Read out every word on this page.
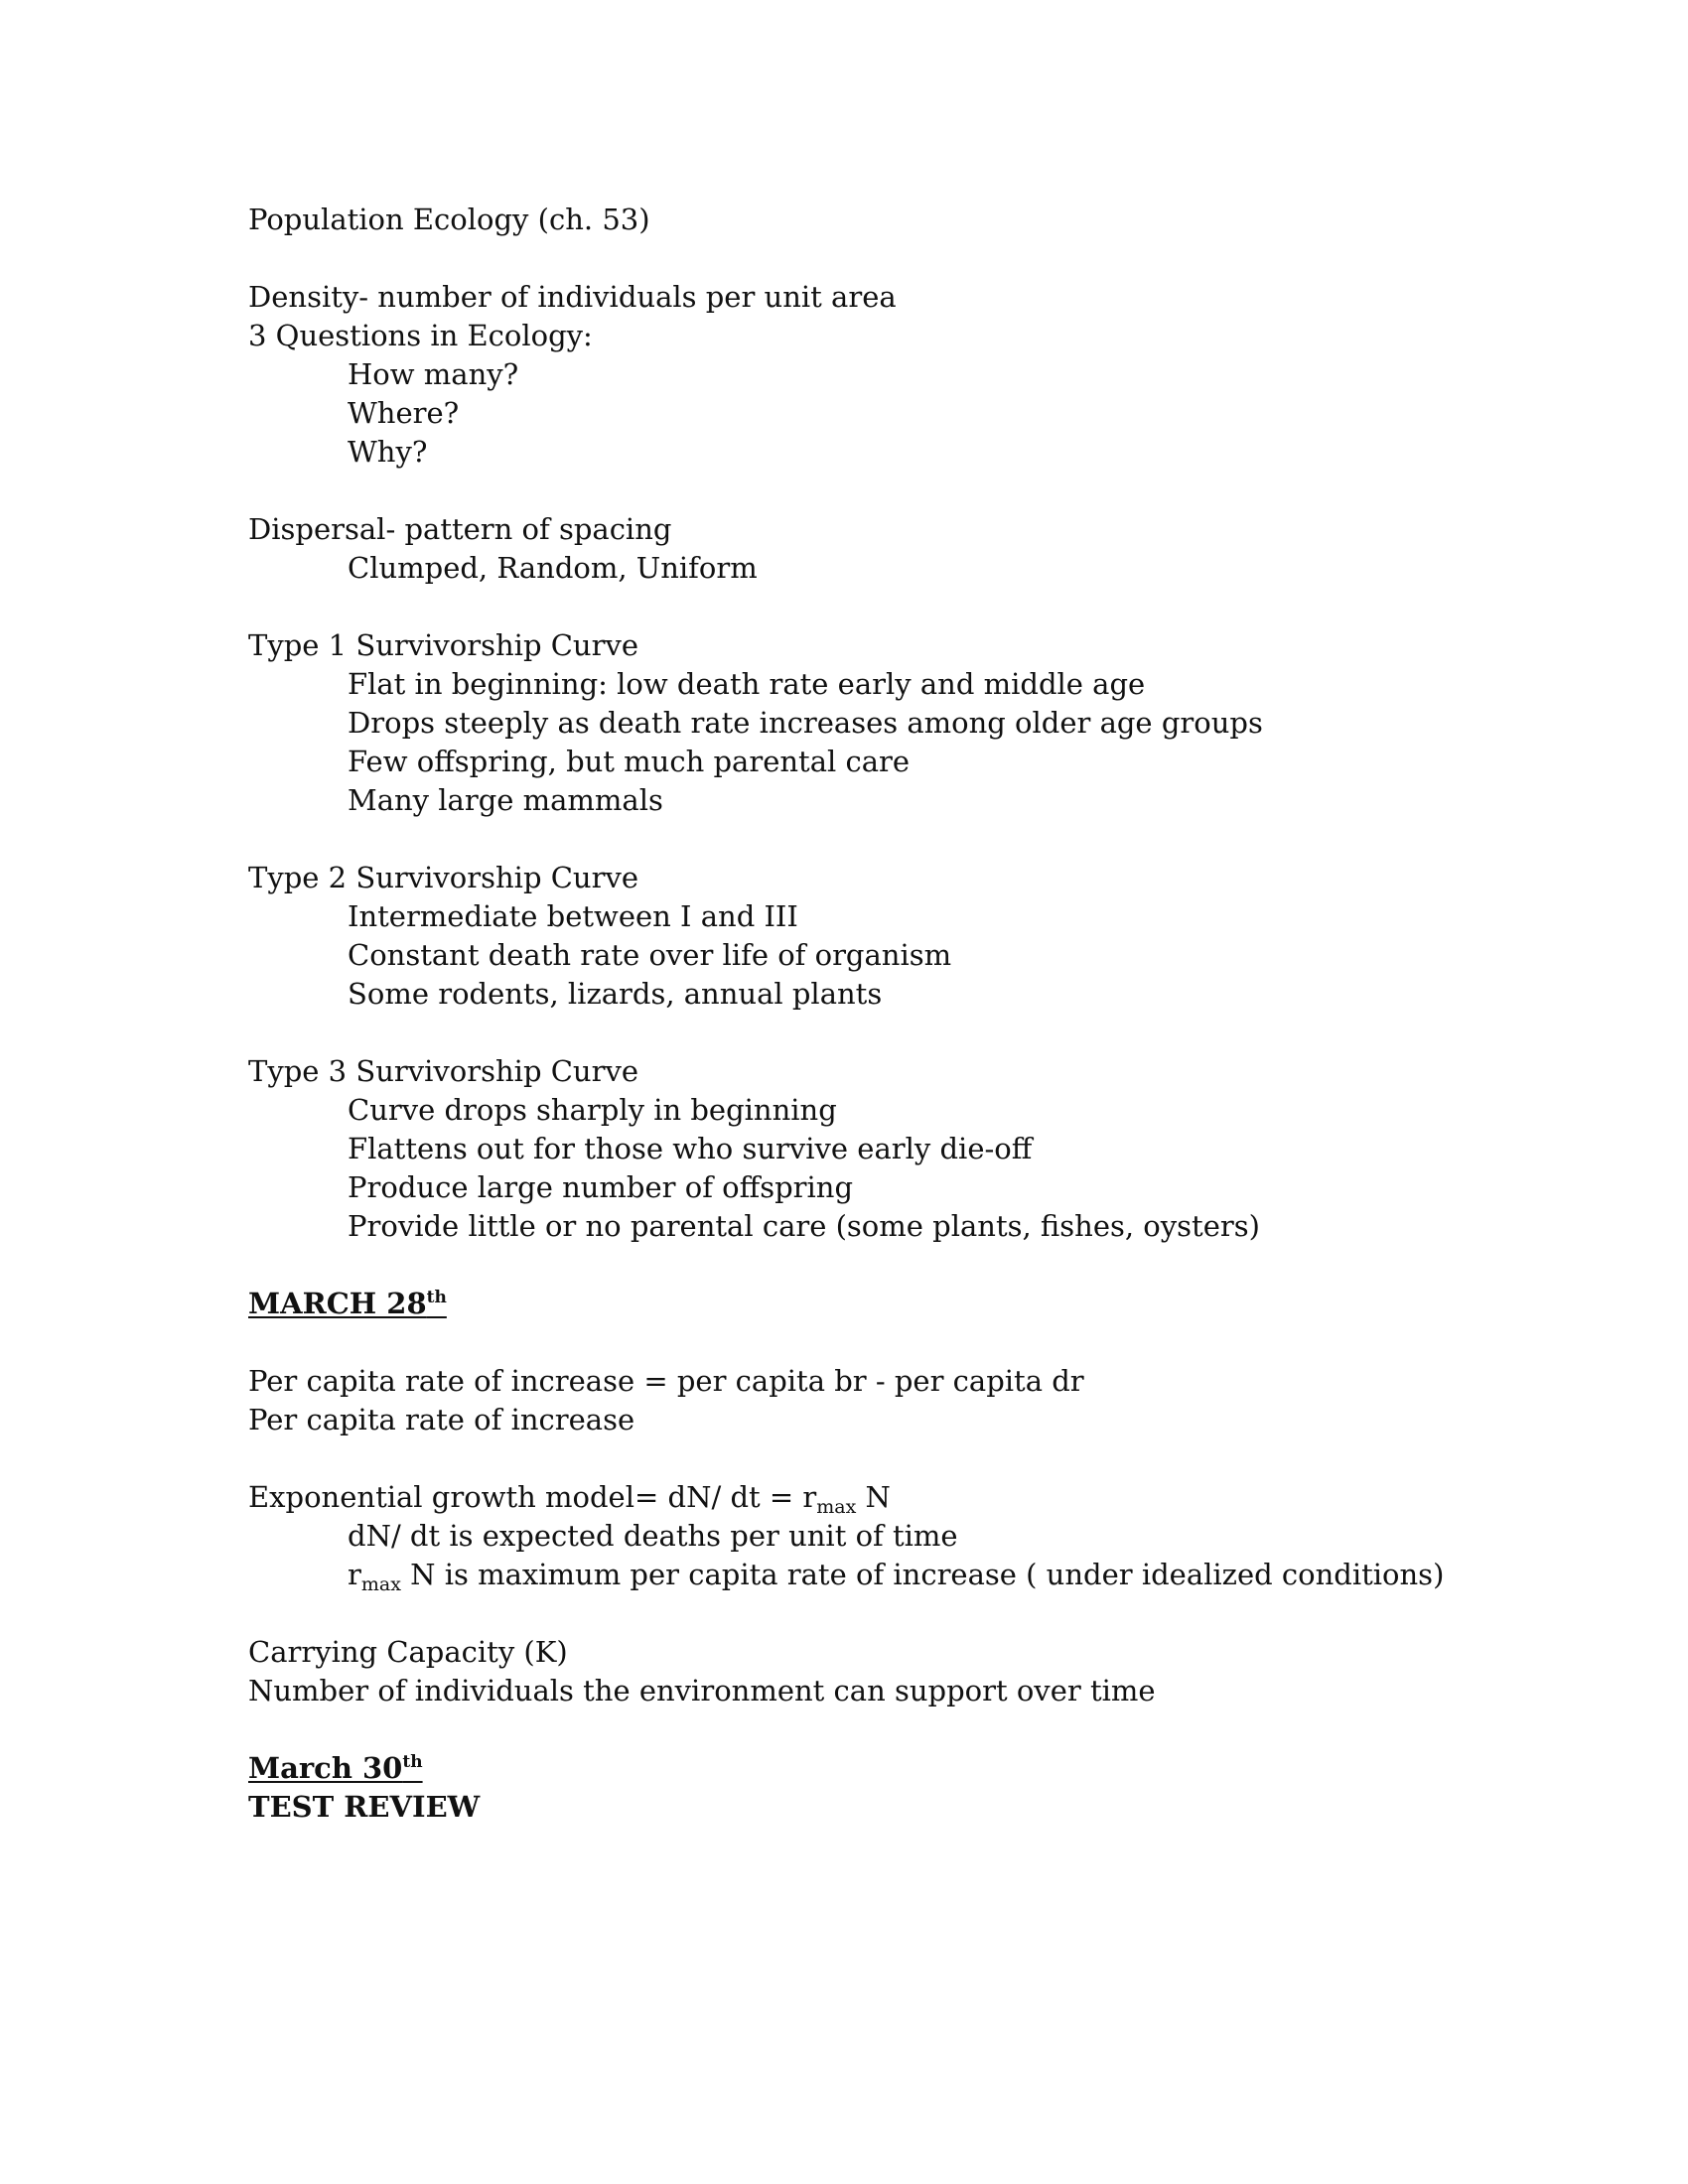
Population Ecology (ch. 53)

Density- number of individuals per unit area

3 Questions in Ecology:

How many?

Where?

Why?

Dispersal- pattern of spacing

Clumped, Random, Uniform

Type 1 Survivorship Curve

Flat in beginning: low death rate early and middle age

Drops steeply as death rate increases among older age groups

Few offspring, but much parental care

Many large mammals

Type 2 Survivorship Curve

Intermediate between I and III

Constant death rate over life of organism

Some rodents, lizards, annual plants

Type 3 Survivorship Curve

Curve drops sharply in beginning

Flattens out for those who survive early die-off

Produce large number of offspring

Provide little or no parental care (some plants, fishes, oysters)

MARCH 28th

Per capita rate of increase = per capita br - per capita dr

Per capita rate of increase

Exponential growth model= dN/ dt = $r_{max}$ N

dN/ dt is expected deaths per unit of time

$r_{max}$ N is maximum per capita rate of increase ( under idealized conditions)

Carrying Capacity (K)

Number of individuals the environment can support over time

March 30th

TEST REVIEW
